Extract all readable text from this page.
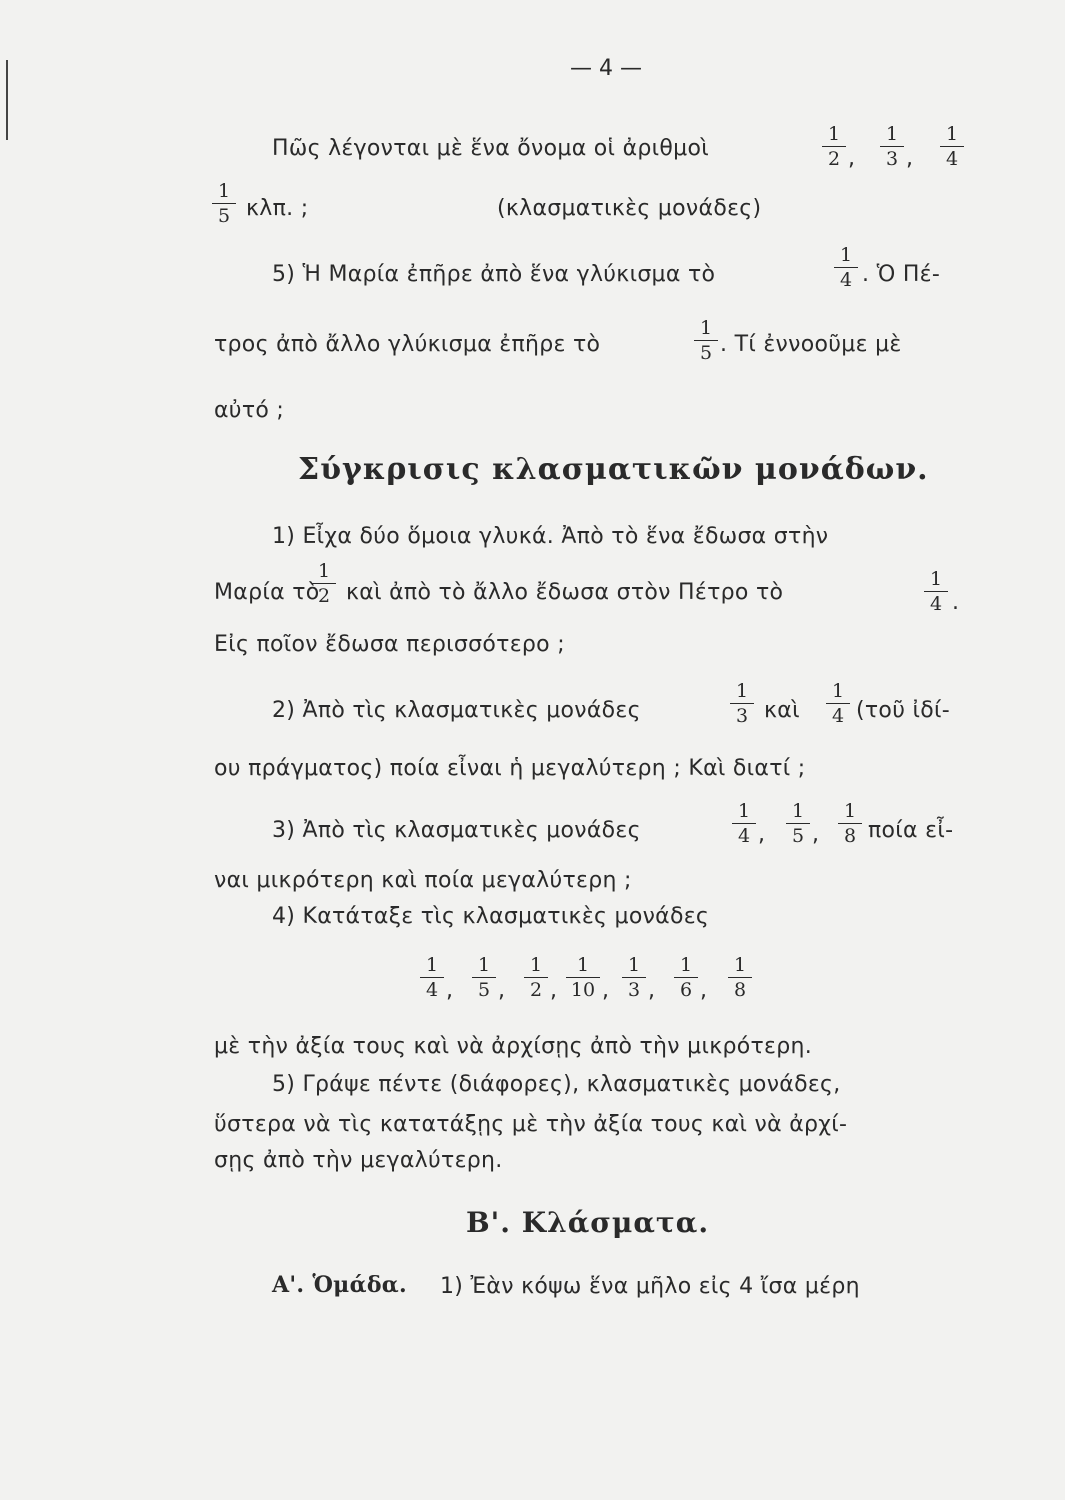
— 4 —
Πῶς λέγονται μὲ ἕνα ὄνομα οἱ ἀριθμοὶ
1
2 ,
1
3 ,
1
4
1
5 κλπ. ;	(κλασματικὲς μονάδες)
5) Ἡ Μαρία ἐπῆρε ἀπὸ ἕνα γλύκισμα τὸ
1
4 . Ὁ Πέ-
τρος ἀπὸ ἄλλο γλύκισμα ἐπῆρε τὸ
1
5 . Τί ἐννοοῦμε μὲ
αὐτό ;
Σύγκρισις κλασματικῶν μονάδων.
1) Εἶχα δύο ὅμοια γλυκά. Ἀπὸ τὸ ἕνα ἔδωσα στὴν
Μαρία τὸ
1
2 καὶ ἀπὸ τὸ ἄλλο ἔδωσα στὸν Πέτρο τὸ
1
4 .
Εἰς ποῖον ἔδωσα περισσότερο ;
2) Ἀπὸ τὶς κλασματικὲς μονάδες
1
3 καὶ
1
4 (τοῦ ἰδί-
ου πράγματος) ποία εἶναι ἡ μεγαλύτερη ; Καὶ διατί ;
3) Ἀπὸ τὶς κλασματικὲς μονάδες
1
4 ,
1
5 ,
1
8 ποία εἶ-
ναι μικρότερη καὶ ποία μεγαλύτερη ;
4) Κατάταξε τὶς κλασματικὲς μονάδες
1
4 ,
1
5 ,
1
2 ,
1
10 ,
1
3 ,
1
6 ,
1
8
μὲ τὴν ἀξία τους καὶ νὰ ἀρχίσῃς ἀπὸ τὴν μικρότερη.
5) Γράψε πέντε (διάφορες), κλασματικὲς μονάδες,
ὕστερα νὰ τὶς κατατάξῃς μὲ τὴν ἀξία τους καὶ νὰ ἀρχί-
σῃς ἀπὸ τὴν μεγαλύτερη.
Β'. Κλάσματα.
Α'. Ὁμάδα. 1) Ἐὰν κόψω ἕνα μῆλο εἰς 4 ἴσα μέρη
